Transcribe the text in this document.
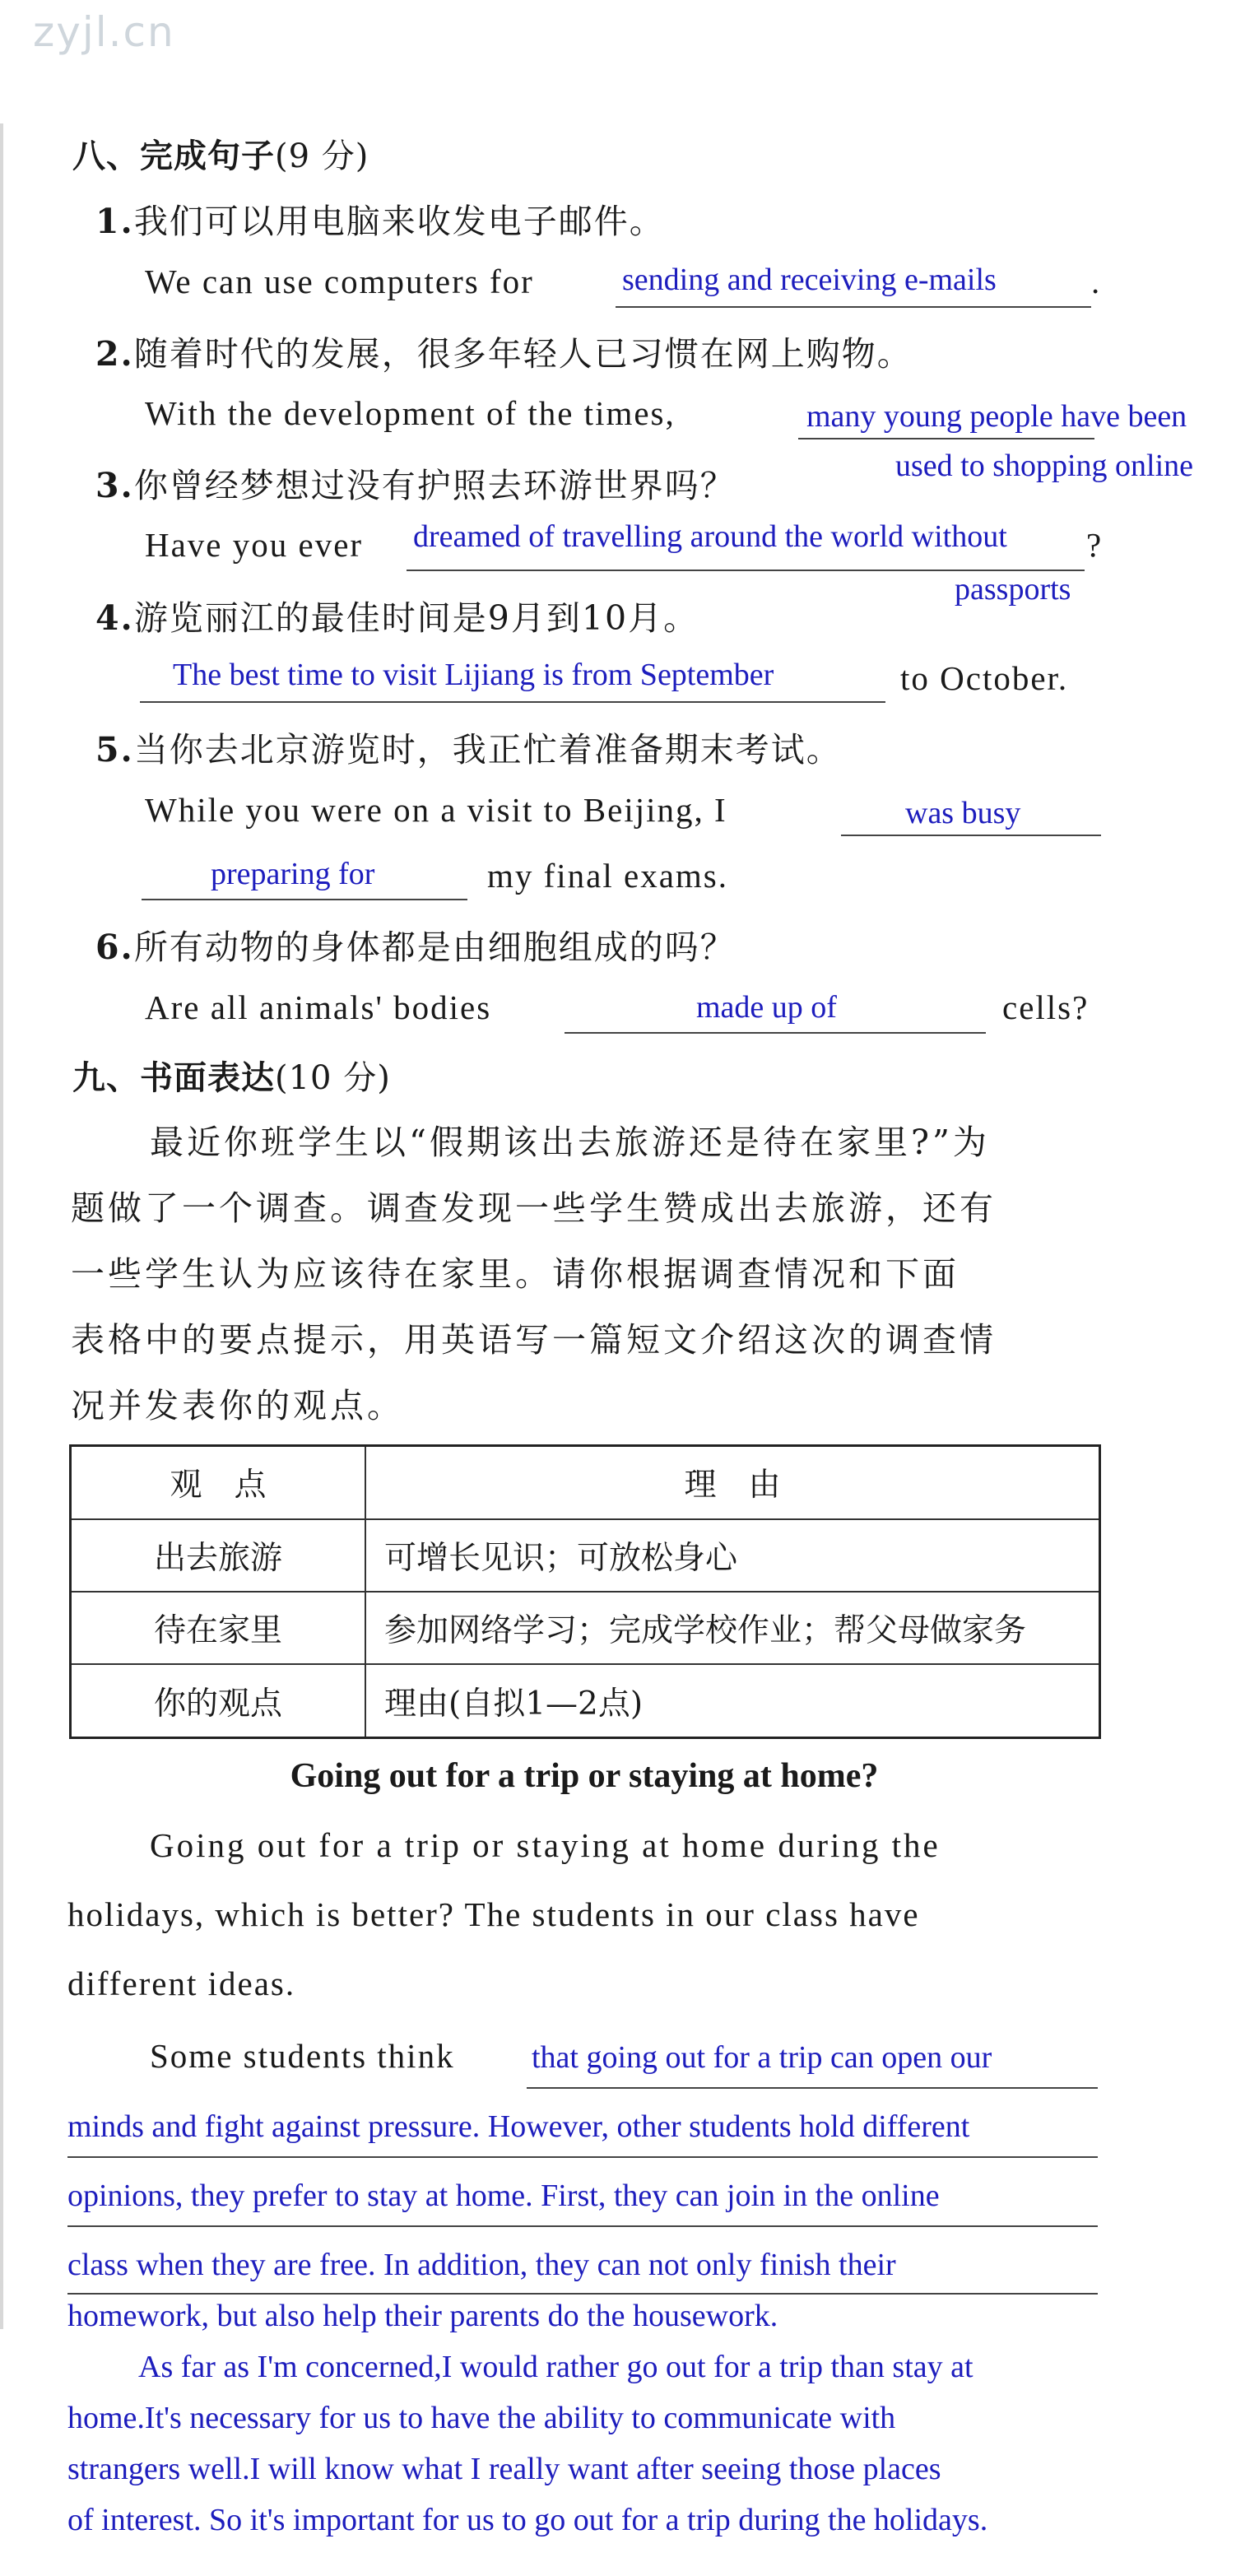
zyjl.cn
八、完成句子(9 分)
1.我们可以用电脑来收发电子邮件。
We can use computers for	sending and receiving e-mails	.
2.随着时代的发展，很多年轻人已习惯在网上购物。
With the development of the times,	many young people have been
used to shopping online
3.你曾经梦想过没有护照去环游世界吗？
Have you ever dreamed of travelling around the world without ?
passports
4.游览丽江的最佳时间是9月到10月。
The best time to visit Lijiang is from September	to October.
5.当你去北京游览时，我正忙着准备期末考试。
While you were on a visit to Beijing, I	was busy
preparing for	my final exams.
6.所有动物的身体都是由细胞组成的吗？
Are all animals' bodies	made up of	cells?
九、书面表达(10 分)
最近你班学生以“假期该出去旅游还是待在家里?”为
题做了一个调查。调查发现一些学生赞成出去旅游，还有
一些学生认为应该待在家里。请你根据调查情况和下面
表格中的要点提示，用英语写一篇短文介绍这次的调查情
况并发表你的观点。
观　点	理　由
出去旅游	可增长见识；可放松身心
待在家里	参加网络学习；完成学校作业；帮父母做家务
你的观点	理由(自拟1—2点)
Going out for a trip or staying at home?
Going out for a trip or staying at home during the
holidays, which is better? The students in our class have
different ideas.
Some students think that going out for a trip can open our
minds and fight against pressure. However, other students hold different
opinions, they prefer to stay at home. First, they can join in the online
class when they are free. In addition, they can not only finish their
homework, but also help their parents do the housework.
As far as I'm concerned,I would rather go out for a trip than stay at
home.It's necessary for us to have the ability to communicate with
strangers well.I will know what I really want after seeing those places
of interest. So it's important for us to go out for a trip during the holidays.
